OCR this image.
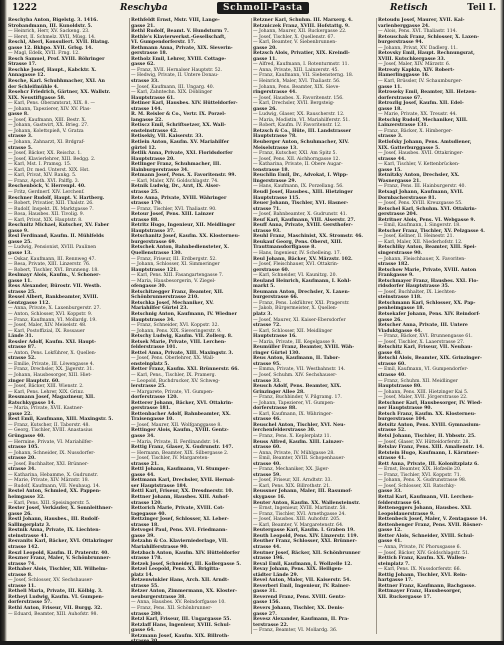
1222	Reschyba	Schmoll-Pasta	Retisch	Teil I.
Reschyba Anton, Bigelstg. 3. 1416.
Strobandmann, III. Kunoldstr. 5.
— Heinrich, Herr, XV. Sackeng. 23.
— Herst, II. Schmelz. XVII, Müsg. 14.
Reschl, Aberl, Konsuliert. XVII. Blatng.
gasse 12. Bkhpo. XVII. Grlsg. 14.
— Magl, Edelk, XVII. Frng. 12.
Resch Samuel, Prof. XVIII. Böhringer
Strasse 17.
Reschke Josef, Haupt., Kabcktr. X.
Annagasse 12.
Resche, Karl. Schuhhmacher, XXI. An
der Schleifmühle 4.
Resehcr Friedrich, Gärtner, XX. Wallstr.
XIX. Neustiftgasse 58.
— Karl, Pens. Oberamtsrat, XIX. 8. —
— Johann, Tapezierer, XIV. XV. Plas-
gasse 8.
— Josef, Kaufmann, XIII. Bestr. X.
— Johann, Gastwirt, XX. Brieg. 27.
— Johann, Kolettspieß, V. Gratza
strasse 3.
— Johann, Zahnarzt, XI. Brdgraf-
strasse 5.
— Josef, Bäcker, XX. Reischz. 1.
— Josef, Klavierlehrer, XIII. Bedgg. 2.
— Karl, Mst. I. Pramsg. 15.
— Karl, Dr. med. Unterst. XIX. Hst.
— Karl, Privat, XIV. Rankg. 5.
— Franz, Apoth. XVI. Palffg. 3.
Reschenböck, V. Herrenpl. 40.
— Fritz, Gerdnerf. XIV. Lerchenf.
Reschner Rudolf, Haupt. V. Hartberg.
— Robert, Privatier, XIII. Thalstr. 26.
— Rudolf, Inspekt. IX. Marktgasse 7.
— Rosa, Hausbes. XII. Tivolig. 9.
— Karl, Privat, XIX. Hauptstr. 8.
Reschnitz Michael, Kutscher, XV. Faber
gasse 9.
Resl Ferdinand, Kaufm. II. Mühlfelds
gasse 25.
— Ludwig, Pensionist, XVIII. Paulinen
gasse 13.
— Oskar, Kaufmann, III. Rennweg 47.
— Resa, Private, XIII. Linzerstr. 76.
— Robert, Tischler, XVI. Brunneng. 18.
Reslmayr Alois, Kaufm., V. Schoner-
gasse 11.
Ress Alexander, Bürostr. VII. Westb.
strasse 25.
Ressel Albert, Bankbeamter, XVIII.
Gentzgasse 112.
— Anna, Private, X. Laxenburgerstr. 27.
— Anton, Schlosser, XVI. Koppstr. 9.
— Franz, Kaufmann, VI. Mollardg. 19.
— Josef, Maler, XIV. Meiselstr. 48.
— Karl, Postoffizial, IX. Rossauer
Lände 31.
Ressler Adolf, Kaufm. XXI. Haupt-
strasse 87.
— Anton, Pens. Lokführer, X. Quellen-
strasse 52.
— Emilie, Private, III. Löwengasse 4.
— Franz, Drechsler, XX. Jägerstr. 31.
— Johann, Hausbesorger, XIII. Hiet-
zinger Hauptstr. 60.
— Josef, Bäcker, XIII. Wienstr. 2.
— Karl, Pens. Lehrer, XIX. Grinz.
Ressmann Josef, Magazineur, XII.
Ratschkygasse 14.
— Maria, Private, XVII. Kastner-
gasse 22.
Rest Emil, Kaufmann, XIII. Maxingstr. 5.
— Franz, Kutscher, II. Taborstr. 48.
— Georg, Tischler, XVIII. Anastasius
Grüngasse 40.
— Hermine, Private, VI. Mariahilfer-
strasse 105.
— Johann, Schneider, IX. Nussdorfer-
strasse 20.
— Josef, Buchhalter, XXI. Brünner-
strasse 34.
— Katharina, Hebamme, X. Gudrunstr.
— Marie, Private, XIV. Märzstr. 18.
— Rudolf, Kaufmann, VII. Neubaug. 14.
Restel Anton, Schmied, XX. Pappen-
heimgasse 32.
— Karl, Pens. XIII. Speisingerstr. 5.
Rester Josef, Verkäufer, X. Sonnleithner-
gasse 26.
Restl Johann, Hausbes., III. Rudolf-
Sallingerplatz 3.
Restnik Anna, Private, IX. Liechten-
steinstrasse 41.
Resvanits Karl, Bäcker, XVI. Ottakringer
strasse 142.
Reszl Leopold, Kaufm. II. Praterstr. 40.
Reszner Franz, Maler, V. Schönbrunner-
strasse 74.
Rethaber Alois, Tischler, XII. Wilhelm-
strasse 8.
— Josef, Schlosser, XV. Sechshauser-
strasse 11.
Retheli Maria, Private, III. Kölblg. 3.
Retheyi Ludwig, Kaufm. VI. Gumpen-
dorferstrasse 57.
Rethi Anton, Friseur, VII. Burgg. 32.
— Eduard, Beamter, XIII. Auhofstr. 98.
Rethfeldt Ernst, Mstr. VIII, Lange-
gasse 21.
Rethl Rudolf, Beamt. V. Hundsturm 7.
Rethle's Klavierwerkst.-Gesellschaft,
VI. Gumpendorferstr. 17.
Rethmann Anna, Private, XIX. Sieverin-
gerstrasse 18.
Retholz Emil, Lehrer, XVIII. Cottage-
gasse 62.
— Franz, XVII. Hernalser Hauptstr. 52.
— Hedwig, Private, II. Untere Donau-
strasse 33.
— Josef, Kaufmann, III. Ungarg. 40.
— Karl, Zahntechn. XIX. Döblinger
Hauptstrasse 61.
Retiner Karl, Hausbes. XIV. Hütteldorfer-
strasse 144.
R. M. Reisler & Co., Vertr. IX. Porzel-
langasse 22.
Retiscz Emil, Schriftsetzer, XX. Wall-
ensteinstrasse 42.
Retisekiy, VII. Kaiserstr. 33.
Retlein Anton, Kaufm. XV. Mariahilfer
gürtel 12.
Retlik Anna, Private, XXI. Floridsdorfer
Hauptstrasse 20.
Retlinger Franz, Schuhmacher, III.
Hainburgerstrasse 34.
Retmann Josef, Pens. X. Favoritenstr. 99.
— Karl, Maler, XIV. Goldschlagstr. 74.
Retnik Ludwig, Dr., Arzt, IX. Alser-
strasse 25.
Reto Anna, Private, XVIII. Währinger
strasse 170.
— Franz, Tischler, XVI. Thaliastr. 90.
Retour Josef, Pens. XIII. Lainzer
strasse 88.
Retritz Hugo, Ingenieur, XII. Meidlinger
Hauptstrasse 37.
Retschanitz Josef, Kaufm. XX. Klosterneu-
burgerstrasse 69.
Retschek Anton, Bahnbediensteter, X.
Quellenstrasse 130.
— Franz, Friseur, III. Erdbergstr. 52.
— Johann, Schlosser, XI. Simmeringer
Hauptstrasse 121.
— Karl, Pens. XIII. Fasangartengasse 7.
— Maria, Hausbesorgerin, V. Ziegel-
ofengasse 30.
Retschitzegger Franz, Beamter, XII.
Schönbrunnerstrasse 210.
Retschka Josef, Mechaniker, XV.
Mariahilfer Gürtel 23.
Retschnig Anton, Kaufmann, IV. Wiedner
Hauptstrasse 34.
— Franz, Schneider, XVI. Koppstr. 32.
— Johann, Pens. XIX. Sieveringerstr. 9.
Retschy Ludwig, Kaufm. VII. Zollerg. 8.
Retsek Marie, Private, VIII. Lerchen-
felderstrasse 101.
Rettel Anna, Private, XIII. Maxingstr. 3.
— Josef, Pens. Oberlehrer, XX. Wall-
ensteinplatz 5.
Retter Franz, Kaufm. XXI. Brünnerstr. 66.
— Karl, Pens., Tischler, IX. Pramerg.
— Leopold, Buchdrucker, XV. Schweg-
lerstrasse 25.
— Margarete, Private, VI. Gumpen-
dorferstrasse 120.
Retterer Johann, Bäcker, XVI. Ottakrin-
gerstrasse 181.
Rettenbacher Adolf, Bahnbeamter, XX.
Traisengasse 10.
— Josef, Maurer, XII. Wolfganggasse 8.
Rettinger Alois, Kaufm., XVIII. Gentz-
gasse 34.
— Maria, Private, II. Ferdinandstr. 14.
Rettig Franz, Glaser, X. Gudrunstr. 147.
— Hermann, Beamter, XIX. Silbergasse 2.
— Josef, Tischler, IV. Margareten-
strasse 21.
Rettl Johann, Kaufmann, VI. Stumper-
gasse 44.
Rettmann Karl, Drechsler, XVII. Hernal-
ser Hauptstrasse 184.
Rettl Karl, Friseur, XX. Dresdnerstr. 10.
Rettner Johann, Hausbes. XIII. Auhof-
strasse 120.
Rettorich Marie, Private, XVIII. Cot-
tagegasse 40.
Rettzinger Josef, Schlosser, XI. Leber-
strasse 18.
Retvogel Paul, Pens. XVI. Friedmann-
gasse 39.
Retzahn & Co. Klavierniederlage, VII.
Mariahilferstrasse 90.
Retzbach Anton, Kaufm. XIV. Hütteldorfer
strasse 178.
Retzek Josef, Schneider, III. Kollergasse 5.
Retzel Leopold, Pens. XX. Brigitta-
platz 14.
Retzenwinkler Hans, Arch. XII. Arndt-
strasse 55.
Retzer Anton, Zimmermann, XX. Kloster-
neuburgerstrasse 38.
— Anna, Hausbes. XV. Reindorfgasse 10.
— Franz, Pens. XII. Schönbrunner-
strasse 280.
Retzl Karl, Friseur, III. Ungargasse 55.
Retzlaff Hans, Ingenieur, XVIII. Schul-
gasse 64.
Retzmann Josef, Kaufm. XIX. Billroth-
strasse 30.
Retzner Karl, Schuhm. III. Marxerg. 4.
Retzniczek Franz, XVIII. Hofstattg. 9.
— Johann, Maurer, XII. Ruckergasse 22.
— Josef, Tischler, X. Quellenstr. 67.
— Karl, Beamter, V. Siebenbrunnen-
gasse 20.
Retzsch Alois, Privatier, XIX. Kreindl-
gasse 11.
— Alfred, Kaufmann, I. Rotenturmstr. 11.
— Anna, Private, XIII. Lainzerstr. 45.
— Franz, Kaufmann, VII. Siebensterng. 18.
— Heinrich, Maler, XVI. Thaliastr. 56.
— Johann, Pens. Beamter, XIX. Sieve-
ringerstrasse 44.
— Josef, Hausbes. X. Favoritenstr. 156.
— Karl, Drechsler, XVII. Bergsteig-
gasse 26.
— Ludwig, Glaser, XX. Rauscherstr. 12.
— Maria, Modistin, VI. Mariahilferstr. 51.
— Robert, Kaufm. IV. Favoritenstr. 12.
Retzsch & Co., Hüte, III. Landstrasser
Hauptstrasse 78.
Reuberger Anton, Schuhmacher, XIV.
Meiselstrasse 13.
— Franz, Kutscher, XXI. Am Spitz 5.
— Josef, Pens. XII. Aichhorngasse 12.
— Katharina, Private, II. Obere Augar-
tenstrasse 18.
Reuchlin Emil, Dr., Advokat, I. Wipp-
lingerstrasse 29.
— Hans, Kaufmann, IX. Porzellang. 56.
Reudl Josef, Hausbes., XIII. Hietzinger
Hauptstrasse 115.
Reuer Johann, Tischler, XVI. Hasner-
strasse 71.
— Josef, Bahnbeamter, X. Gudrunstr. 41.
Reuf Karl, Kaufmann, VIII. Alserstr. 27.
Reuff Anna, Private, XVIII. Gersthofer-
strasse 93.
Reuhl Franz, Maschinist, XX. Stromstr. 46.
Reukauf Georg, Pens. Oberst, XIII.
Trauttmansdorffgasse 8.
— Hans, Ingenieur, IV. Schelleing. 17.
Reul Johann, Bäcker, XV. Märzstr. 102.
— Josef, Fleischhauer, XVI. Ottakrin-
gerstrasse 60.
— Karl, Schneider, VI. Kaunitzg. 20.
Reuland Heinrich, Kaufmann, I. Kohl-
markt 5.
Reumann Anton, Drechsler, X. Laxen-
burgerstrasse 66.
— Franz, Pens. Lokführer, XXI. Pragerstr.
— Jakob, Bürgermeister, X. Quellen-
platz 3.
— Josef, Maurer, XI. Kaiser-Ebersdorfer
strasse 72.
— Karl, Schlosser, XII. Meidlinger
Hauptstrasse 16.
— Maria, Private, III. Kegelgasse 9.
Reumüller Franz, Beamter, XVIII. Wäh-
ringer Gürtel 130.
Reus Anton, Kaufmann, II. Tabor-
strasse 95.
— Emma, Private, VII. Westbahnstr. 14.
— Josef, Schuhm. XIV. Sechshauser-
strasse 33.
Reusch Adolf, Pens. Beamter, XIX.
Grinzinger Allee 28.
— Franz, Buchbinder, V. Pilgramg. 17.
— Johann, Tapezierer, VI. Gumpen-
dorferstrasse 88.
— Karl, Kaufmann, IX. Währinger-
strasse 46.
Reuschel Anton, Tischler, XVI. Neu-
lerchenfelderstrasse 30.
— Franz, Pens. X. Keplerplatz 11.
Reuss Alfred, Kaufm. XIII. Lainzer-
strasse 60.
— Anna, Private, IV. Mühlgasse 28.
— Emil, Beamter, XVIII. Schopenhauer-
strasse 40.
— Franz, Mechaniker, XX. Jäger-
strasse 59.
— Josef, Friseur, XII. Arndtstr. 33.
— Karl, Pens. XIX. Billrothstr. 21.
Reussner Johann, Maler, III. Rasumof-
skygasse 16.
Reuter Anton, Kaufm. XX. Wallensteinstr.
— Ernst, Ingenieur, XVIII. Martinstr. 58.
— Franz, Tischler, XVI. Arnethgasse 24.
— Josef, Hausbes. XIII. Auhofstr. 205.
— Karl, Beamter, V. Margaretenstr. 64.
Reutergasse Karl, Kaufm. I. Graben 19.
Reuth Leopold, Pens. XIV. Linzerstr. 119.
Reuther Franz, Schlosser, XXI. Brünner-
strasse 44.
Reutner Josef, Bäcker, XII. Schönbrunner
strasse 196.
Reval Emil, Kaufmann, I. Wollzeile 12.
Revay Johann, Pens. XIX. Heiligen-
städter Lände 29.
Revel Anton, Maler, VII. Kaiserstr. 54.
Reverberi Emil, Ingenieur, IV. Rainer-
gasse 31.
Reverend Franz, Pens. XVIII. Gentz-
gasse 156.
Revers Johann, Tischler, XX. Denis-
gasse 27.
Revesz Alexander, Kaufmann, II. Pra-
terstrasse 22.
— Franz, Beamter, VI. Mollardg. 36.
Retoudu Josef, Maurer, XVII. Kal-
varienberggasse 24.
— Alois, Pens. XVI. Thaliastr. 114.
Retouschak Franz, Schlosser, X. Laxen-
burgerstrasse 94.
— Johann, Privat, XV. Dadlerg. 11.
Retovsky Emil, Haupt. Rechnungsrat,
XVIII. Kutschkergasse 33.
— Josef, Maler, XIV. Märzstr. 6.
Retreaty Kapkin, XIV. Robert-
Hamerlinggasse 16.
— Karl, Brüssler, IV. Schaumburger-
gasse 11.
Retroseky Emil, Beamter, XII. Hetzen-
dorferstrasse 67.
Retrozlig Josef, Kaufm. XII. Edel-
gasse 18.
— Marie, Private, XX. Treustr. 44.
Retschig Rudolf, Mechaniker, XIII.
Lainzerstrasse 131.
— Franz, Bäcker, X. Himberger-
strasse 3.
Retlofsky Johann, Pens. Amtsdiener,
XIX. Gatterburggasse 5.
— Josef, Hausbes. XVII. Ottakringer-
strasse 44.
— Karl, Tischler, V. Kettenbrücken-
gasse 15.
Retnitzky Anton, Drechsler, XX.
Wasnergasse 21.
— Franz, Pens. III. Hainburgerstr. 40.
Retsagl Johann, Kaufmann, XVII.
Dornbacherstrasse 81.
— Josef, Pens. XVIII. Kreuzgasse 55.
Retschel Karl, Schuhm. XVI. Ottakrin-
gerstrasse 204.
Retritner Alois, Pens. VI. Webgasse 9.
— Emil, Kaufmann, I. Singerstr. 18.
Retscher Franz, Tischler, XV. Pelzgasse 4.
— Josef, Kellner, II. Heinestr. 21.
— Karl, Maler, XII. Niederhofstr. 12.
Retschliky Anton, Beamter, XIII. Spei-
singerstrasse 90.
— Johann, Fleischhauer, X. Favoriten-
strasse 182.
Retschow Marie, Private, XVIII. Anton
Frankgasse 9.
Retschmayer Franz, Hausbes. XXI. Flo-
ridsdorfer Hauptstrasse 35.
— Josef, Buchhalter, IX. Liechten-
steinstrasse 118.
Retschmann Karl, Schlosser, XX. Pap-
penheimgasse 18.
Retsekafer Johann, Pens. XIV. Reindorf-
gasse 26.
Retscher Anna, Private, III. Untere
Viaduktgasse 44.
— Franz, Bäcker, XVI. Brunnengasse 61.
— Josef, Tischler, X. Laaerstrasse 27.
Retschitz Karl, Friseur, VII. Neubau-
gasse 48.
Retschl Alois, Beamter, XIX. Grinzinger-
strasse 60.
— Emil, Kaufmann, VI. Gumpendorfer-
strasse 40.
— Franz, Schuhm. XII. Meidlinger
Hauptstrasse 80.
— Johann, Pens. XIII. Hietzinger Kai 5.
— Josef, Maler, XVII. Jörgerstrasse 22.
Retschner Karl, Hausbesorger, IV. Wied-
ner Hauptstrasse 90.
Retsch Franz, Kaufm. XX. Klosterneu-
burgerstrasse 104.
Retsitz Anton, Pens. XVIII. Gymnasium-
strasse 52.
Retsl Johann, Tischler, II. Ybbsstr. 25.
— Josef, Glaser, XV. Hütteldorferstr. 28.
Retslav Franz, Pens. XIII. Amalienstr. 14.
Retstein Hugo, Kaufmann, I. Kärntner-
strasse 41.
Rett Anna, Private, III. Kolonitzplatz 6.
— Ernst, Beamter, XIX. Hofzeile 20.
— Franz, Tischler, XVI. Koppstr. 71.
— Johann, Pens. X. Gudrunstrasse 98.
— Josef, Schlosser, XII. Ratschky-
gasse 33.
Rettal Karl, Kaufmann, VII. Lerchen-
felderstrasse 64.
Retteneggers Johann, Hausbes. XXI.
Leopoldauerstrasse 9.
Rettenbeck Josef, Maler, V. Zentagasse 14.
Rettenbenger Franz, Pens. XVII. Rösner-
gasse 12.
Retter Alois, Schneider, XVIII. Schul-
gasse 41.
— Anna, Private, IV. Phorusgasse 6.
— Josef, Bäcker, XIV. Goldschlagstr. 51.
Rettich Franz, Kaufm. XX. Wallen-
steinplatz 7.
— Karl, Pens. IX. Nussdorferstr. 66.
Rettig Johann, Tischler, XVI. Rein-
hartgasse 17.
Rettner Franz, Kaufmann, Bachgasse.
Rettmayer Franz, Hausbesorger,
XII. Ruckergasse 17.
